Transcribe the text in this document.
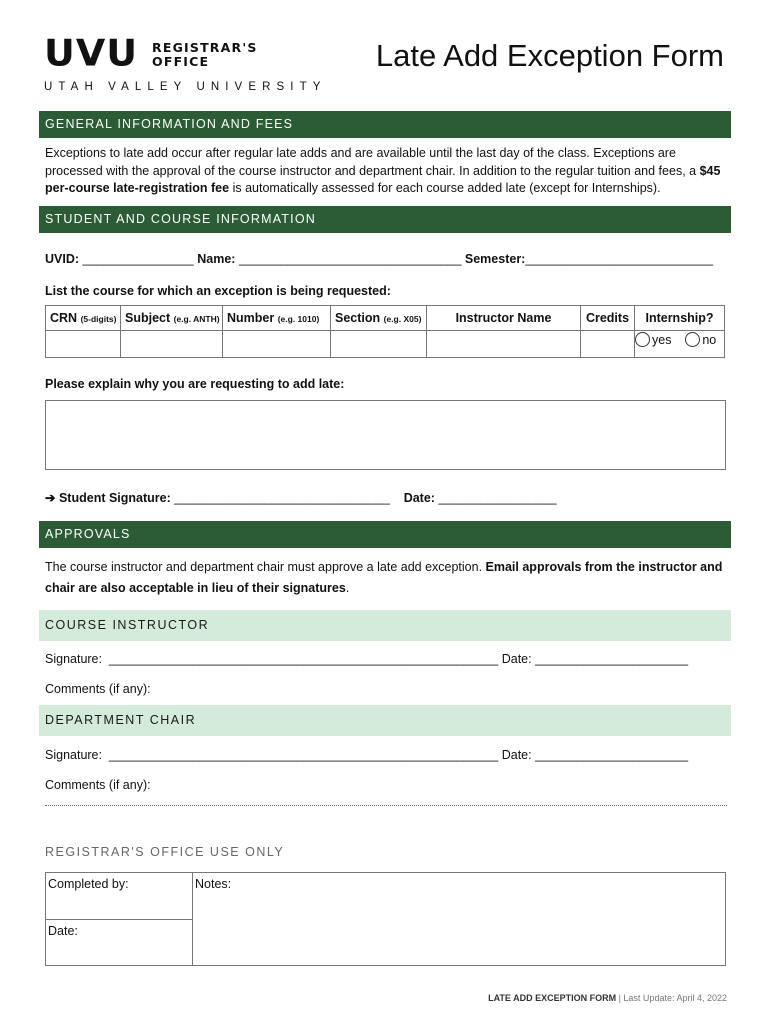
UVU REGISTRAR'S
OFFICE
UTAH VALLEY UNIVERSITY
Late Add Exception Form
GENERAL INFORMATION AND FEES
Exceptions to late add occur after regular late adds and are available until the last day of the class. Exceptions are processed with the approval of the course instructor and department chair. In addition to the regular tuition and fees, a $45 per-course late-registration fee is automatically assessed for each course added late (except for Internships).
STUDENT AND COURSE INFORMATION
UVID: ________________ Name: ________________________________ Semester:___________________________
List the course for which an exception is being requested:
CRN (5-digits)	Subject (e.g. ANTH)	Number (e.g. 1010)	Section (e.g. X05)	Instructor Name	Credits	Internship?
						yes no
Please explain why you are requesting to add late:
➔ Student Signature: _______________________________ Date: _________________
APPROVALS
The course instructor and department chair must approve a late add exception. Email approvals from the instructor and chair are also acceptable in lieu of their signatures.
COURSE INSTRUCTOR
Signature: ________________________________________________________ Date: ______________________
Comments (if any):
DEPARTMENT CHAIR
Signature: ________________________________________________________ Date: ______________________
Comments (if any):
REGISTRAR'S OFFICE USE ONLY
Completed by:
Date:
Notes:
LATE ADD EXCEPTION FORM | Last Update: April 4, 2022
